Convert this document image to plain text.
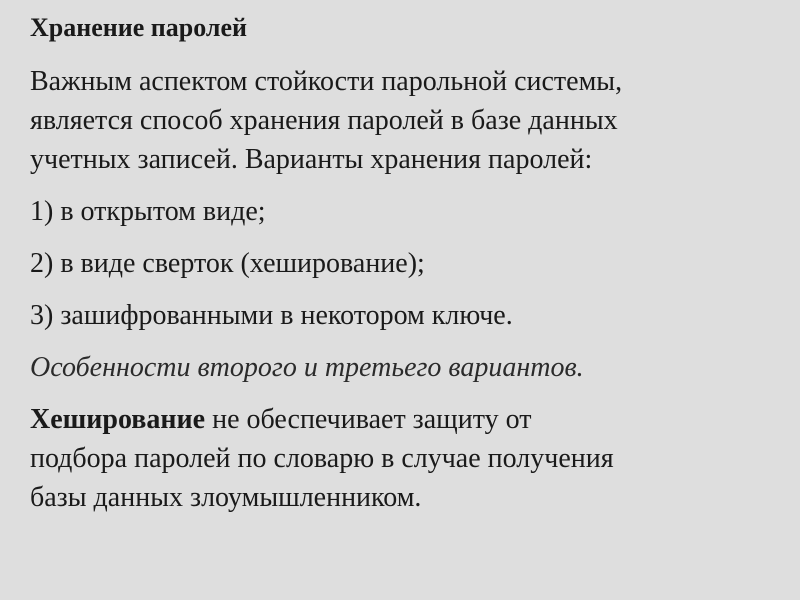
Хранение паролей
Важным аспектом стойкости парольной системы,
является способ хранения паролей в базе данных
учетных записей. Варианты хранения паролей:
1) в открытом виде;
2) в виде сверток (хеширование);
3) зашифрованными в некотором ключе.
Особенности второго и третьего вариантов.
Хеширование не обеспечивает защиту от
подбора паролей по словарю в случае получения
базы данных злоумышленником.
